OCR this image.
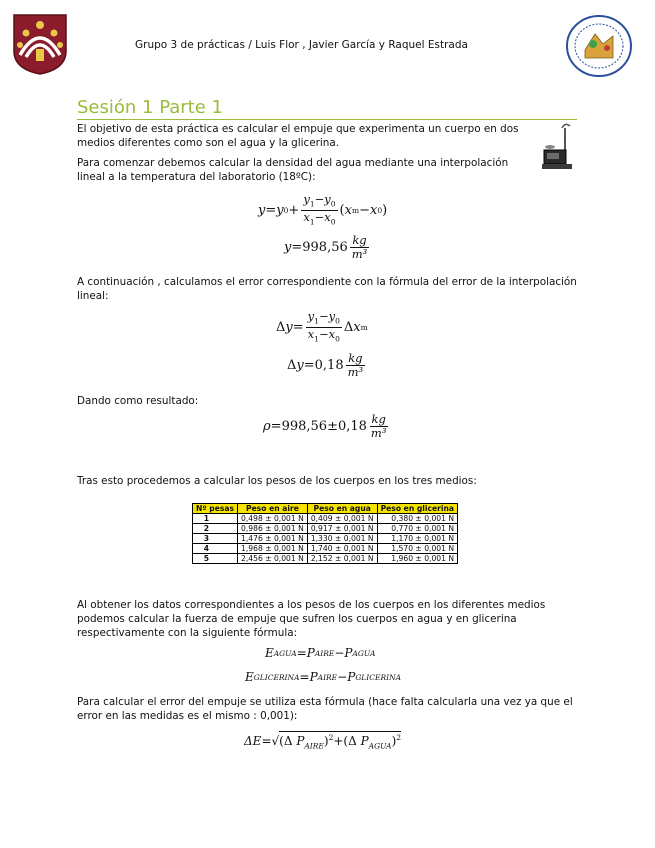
Grupo 3 de prácticas / Luis Flor , Javier García y Raquel Estrada
Sesión 1 Parte 1
El objetivo de esta práctica es calcular el empuje que experimenta un cuerpo en dos medios diferentes como son el agua y la glicerina.
Para comenzar debemos calcular la densidad del agua mediante una interpolación lineal a la temperatura del laboratorio (18ºC):
y = y $0 + \frac{y_1-y_0}{x_1-x_0}$ ( x m − x 0 )
$y = 998,56 \frac{kg}{\text{m³}}$
A continuación , calculamos el error correspondiente con la fórmula del error de la interpolación lineal:
Δ $y = \frac{y_1-y_0}{x_1-x_0}$ Δ x m
Δ $y = 0,18 \frac{kg}{\text{m³}}$
Dando como resultado:
$\rho = 998,56 \pm 0,18 \frac{kg}{\text{m³}}$
Tras esto procedemos a calcular los pesos de los cuerpos en los tres medios:
Nº pesas	Peso en aire	Peso en agua	Peso en glicerina
1	0,498 ± 0,001 N	0,409 ± 0,001 N	0,380 ± 0,001 N
2	0,986 ± 0,001 N	0,917 ± 0,001 N	0,770 ± 0,001 N
3	1,476 ± 0,001 N	1,330 ± 0,001 N	1,170 ± 0,001 N
4	1,968 ± 0,001 N	1,740 ± 0,001 N	1,570 ± 0,001 N
5	2,456 ± 0,001 N	2,152 ± 0,001 N	1,960 ± 0,001 N
Al obtener los datos correspondientes a los pesos de los cuerpos en los diferentes medios podemos calcular la fuerza de empuje que sufren los cuerpos en agua y en glicerina respectivamente con la siguiente fórmula:
E AGUA = P AIRE − P AGUA
E GLICERINA = P AIRE − P GLICERINA
Para calcular el error del empuje se utiliza esta fórmula (hace falta calcularla una vez ya que el error en las medidas es el mismo : 0,001):
ΔE =√ (Δ $P_{AIRE})^2+(\Delta$ $P_{AGUA})^2$
